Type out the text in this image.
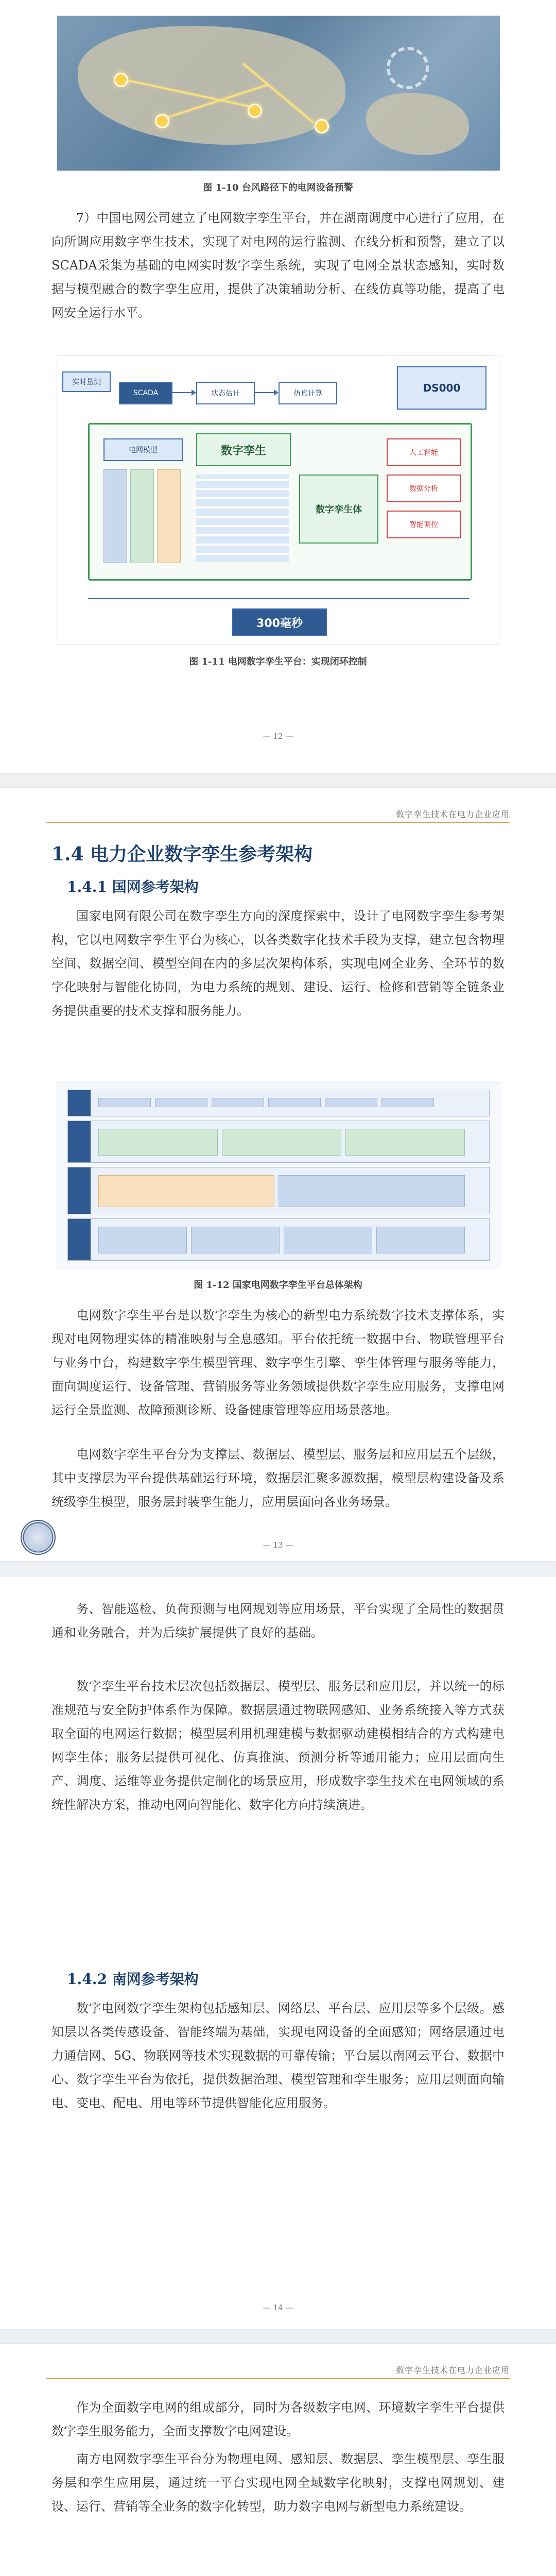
图 1-10 台风路径下的电网设备预警
7）中国电网公司建立了电网数字孪生平台，并在湖南调度中心进行了应用，在向所调应用数字孪生技术，实现了对电网的运行监测、在线分析和预警，建立了以SCADA采集为基础的电网实时数字孪生系统，实现了电网全景状态感知，实时数据与模型融合的数字孪生应用，提供了决策辅助分析、在线仿真等功能，提高了电网安全运行水平。
实时量测
SCADA	状态估计	仿真计算	DS000
电网模型	数字孪生
数字孪生体
人工智能
数据分析
智能调控
300毫秒
图 1-11 电网数字孪生平台：实现闭环控制
— 12 —
数字孪生技术在电力企业应用
1.4 电力企业数字孪生参考架构
1.4.1 国网参考架构
国家电网有限公司在数字孪生方向的深度探索中，设计了电网数字孪生参考架构，它以电网数字孪生平台为核心，以各类数字化技术手段为支撑，建立包含物理空间、数据空间、模型空间在内的多层次架构体系，实现电网全业务、全环节的数字化映射与智能化协同，为电力系统的规划、建设、运行、检修和营销等全链条业务提供重要的技术支撑和服务能力。
图 1-12 国家电网数字孪生平台总体架构
电网数字孪生平台是以数字孪生为核心的新型电力系统数字技术支撑体系，实现对电网物理实体的精准映射与全息感知。平台依托统一数据中台、物联管理平台与业务中台，构建数字孪生模型管理、数字孪生引擎、孪生体管理与服务等能力，面向调度运行、设备管理、营销服务等业务领域提供数字孪生应用服务，支撑电网运行全景监测、故障预测诊断、设备健康管理等应用场景落地。
电网数字孪生平台分为支撑层、数据层、模型层、服务层和应用层五个层级，其中支撑层为平台提供基础运行环境，数据层汇聚多源数据，模型层构建设备及系统级孪生模型，服务层封装孪生能力，应用层面向各业务场景。
— 13 —
务、智能巡检、负荷预测与电网规划等应用场景，平台实现了全局性的数据贯通和业务融合，并为后续扩展提供了良好的基础。
数字孪生平台技术层次包括数据层、模型层、服务层和应用层，并以统一的标准规范与安全防护体系作为保障。数据层通过物联网感知、业务系统接入等方式获取全面的电网运行数据；模型层利用机理建模与数据驱动建模相结合的方式构建电网孪生体；服务层提供可视化、仿真推演、预测分析等通用能力；应用层面向生产、调度、运维等业务提供定制化的场景应用，形成数字孪生技术在电网领域的系统性解决方案，推动电网向智能化、数字化方向持续演进。
1.4.2 南网参考架构
数字电网数字孪生架构包括感知层、网络层、平台层、应用层等多个层级。感知层以各类传感设备、智能终端为基础，实现电网设备的全面感知；网络层通过电力通信网、5G、物联网等技术实现数据的可靠传输；平台层以南网云平台、数据中心、数字孪生平台为依托，提供数据治理、模型管理和孪生服务；应用层则面向输电、变电、配电、用电等环节提供智能化应用服务。
— 14 —
数字孪生技术在电力企业应用
作为全面数字电网的组成部分，同时为各级数字电网、环境数字孪生平台提供数字孪生服务能力，全面支撑数字电网建设。
南方电网数字孪生平台分为物理电网、感知层、数据层、孪生模型层、孪生服务层和孪生应用层，通过统一平台实现电网全域数字化映射，支撑电网规划、建设、运行、营销等全业务的数字化转型，助力数字电网与新型电力系统建设。
